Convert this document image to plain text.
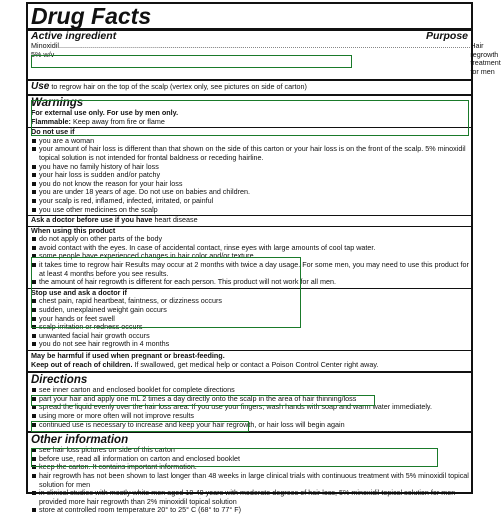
Drug Facts
Active ingredient	Purpose
Minoxidil 5% w/v
.............................................................................................................................................................................................................. Hair regrowth treatment for men
Use to regrow hair on the top of the scalp (vertex only, see pictures on side of carton)
Warnings
For external use only. For use by men only.
Flammable: Keep away from fire or flame
Do not use if
you are a woman
your amount of hair loss is different than that shown on the side of this carton or your hair loss is on the front of the scalp. 5% minoxidil topical solution is not intended for frontal baldness or receding hairline.
you have no family history of hair loss
your hair loss is sudden and/or patchy
you do not know the reason for your hair loss
you are under 18 years of age. Do not use on babies and children.
your scalp is red, inflamed, infected, irritated, or painful
you use other medicines on the scalp
Ask a doctor before use if you have heart disease
When using this product
do not apply on other parts of the body
avoid contact with the eyes. In case of accidental contact, rinse eyes with large amounts of cool tap water.
some people have experienced changes in hair color and/or texture
it takes time to regrow hair Results may occur at 2 months with twice a day usage. For some men, you may need to use this product for at least 4 months before you see results.
the amount of hair regrowth is different for each person. This product will not work for all men.
Stop use and ask a doctor if
chest pain, rapid heartbeat, faintness, or dizziness occurs
sudden, unexplained weight gain occurs
your hands or feet swell
scalp irritation or redness occurs
unwanted facial hair growth occurs
you do not see hair regrowth in 4 months
May be harmful if used when pregnant or breast-feeding.
Keep out of reach of children. If swallowed, get medical help or contact a Poison Control Center right away.
Directions
see inner carton and enclosed booklet for complete directions
part your hair and apply one mL 2 times a day directly onto the scalp in the area of hair thinning/loss
spread the liquid evenly over the hair loss area. If you use your fingers, wash hands with soap and warm water immediately.
using more or more often will not improve results
continued use is necessary to increase and keep your hair regrowth, or hair loss will begin again
Other information
see hair loss pictures on side of this carton
before use, read all information on carton and enclosed booklet
keep the carton. It contains important information.
hair regrowth has not been shown to last longer than 48 weeks in large clinical trials with continuous treatment with 5% minoxidil topical solution for men
in clinical studies with mostly white men aged 18-49 years with moderate degrees of hair loss, 5% minoxidil topical solution for men provided more hair regrowth than 2% minoxidil topical solution
store at controlled room temperature 20° to 25° C (68° to 77° F)
